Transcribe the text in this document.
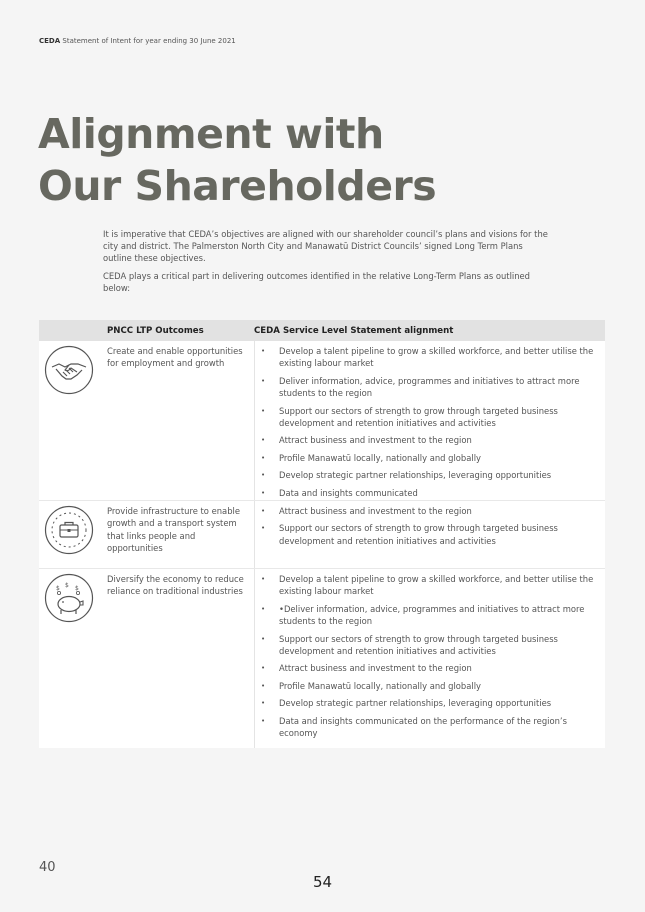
CEDA Statement of Intent for year ending 30 June 2021
Alignment with
Our Shareholders

It is imperative that CEDA’s objectives are aligned with our shareholder council’s plans and visions for the city and district. The Palmerston North City and Manawatū District Councils’ signed Long Term Plans outline these objectives.

CEDA plays a critical part in delivering outcomes identified in the relative Long-Term Plans as outlined below:

PNCC LTP Outcomes	CEDA Service Level Statement alignment
Create and enable opportunities for employment and growth
• Develop a talent pipeline to grow a skilled workforce, and better utilise the existing labour market
• Deliver information, advice, programmes and initiatives to attract more students to the region
• Support our sectors of strength to grow through targeted business development and retention initiatives and activities
• Attract business and investment to the region
• Profile Manawatū locally, nationally and globally
• Develop strategic partner relationships, leveraging opportunities
• Data and insights communicated
Provide infrastructure to enable growth and a transport system that links people and opportunities
• Attract business and investment to the region
• Support our sectors of strength to grow through targeted business development and retention initiatives and activities
$ $ $
Diversify the economy to reduce reliance on traditional industries
• Develop a talent pipeline to grow a skilled workforce, and better utilise the existing labour market
• •Deliver information, advice, programmes and initiatives to attract more students to the region
• Support our sectors of strength to grow through targeted business development and retention initiatives and activities
• Attract business and investment to the region
• Profile Manawatū locally, nationally and globally
• Develop strategic partner relationships, leveraging opportunities
• Data and insights communicated on the performance of the region’s economy
40
54
